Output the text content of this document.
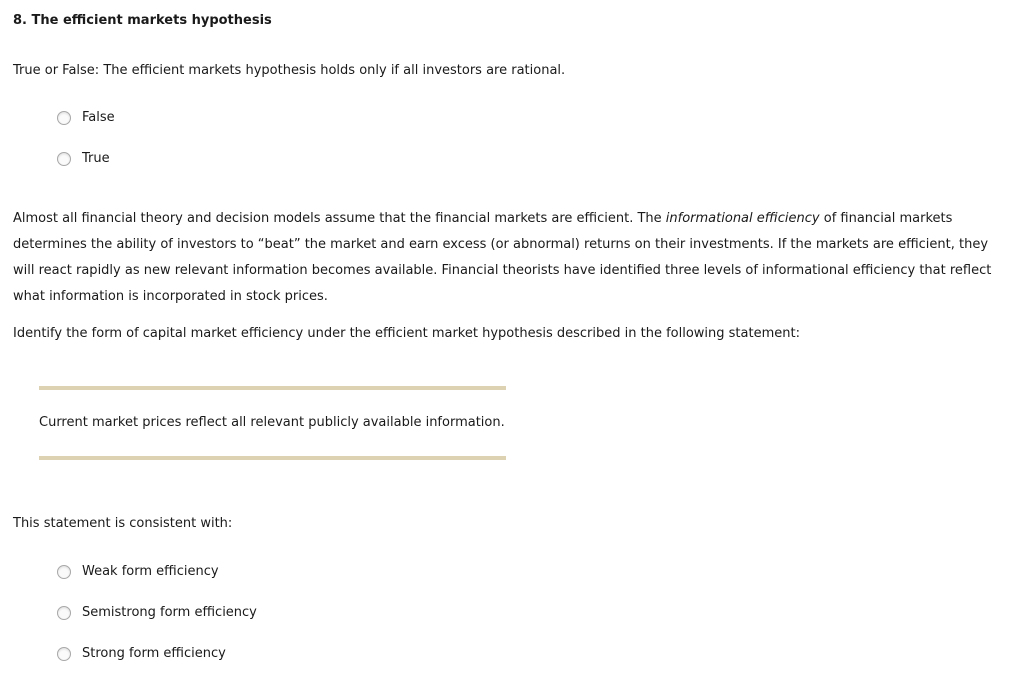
8. The efficient markets hypothesis
True or False: The efficient markets hypothesis holds only if all investors are rational.
False
True

Almost all financial theory and decision models assume that the financial markets are efficient. The informational efficiency of financial markets determines the ability of investors to “beat” the market and earn excess (or abnormal) returns on their investments. If the markets are efficient, they will react rapidly as new relevant information becomes available. Financial theorists have identified three levels of informational efficiency that reflect what information is incorporated in stock prices.

Identify the form of capital market efficiency under the efficient market hypothesis described in the following statement:
Current market prices reflect all relevant publicly available information.
This statement is consistent with:
Weak form efficiency
Semistrong form efficiency
Strong form efficiency
